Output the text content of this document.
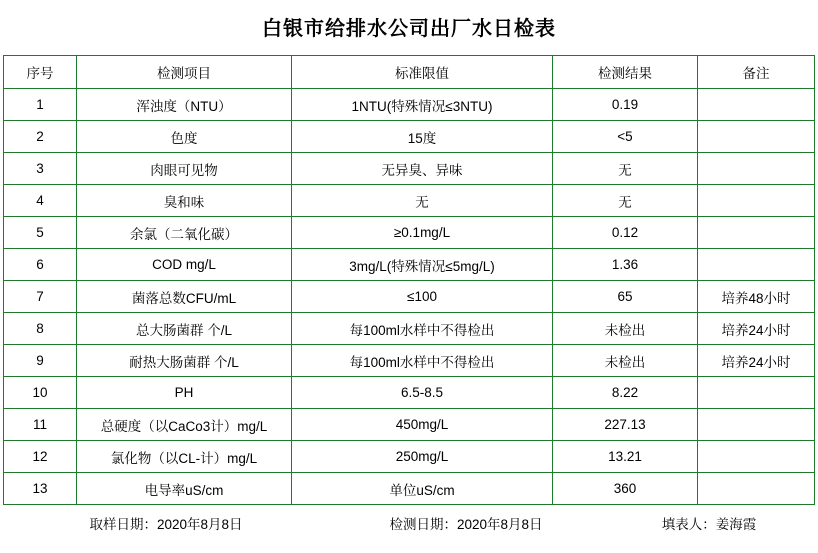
白银市给排水公司出厂水日检表
序号	检测项目	标准限值	检测结果	备注
1	浑浊度（NTU）	1NTU(特殊情况≤3NTU)	0.19	
2	色度	15度	<5	
3	肉眼可见物	无异臭、异味	无	
4	臭和味	无	无	
5	余氯（二氧化碳）	≥0.1mg/L	0.12	
6	COD mg/L	3mg/L(特殊情况≤5mg/L)	1.36	
7	菌落总数CFU/mL	≤100	65	培养48小时
8	总大肠菌群 个/L	每100ml水样中不得检出	未检出	培养24小时
9	耐热大肠菌群 个/L	每100ml水样中不得检出	未检出	培养24小时
10	PH	6.5-8.5	8.22	
11	总硬度（以CaCo3计）mg/L	450mg/L	227.13	
12	氯化物（以CL-计）mg/L	250mg/L	13.21	
13	电导率uS/cm	单位uS/cm	360	
取样日期：2020年8月8日	检测日期：2020年8月8日	填表人：姜海霞
